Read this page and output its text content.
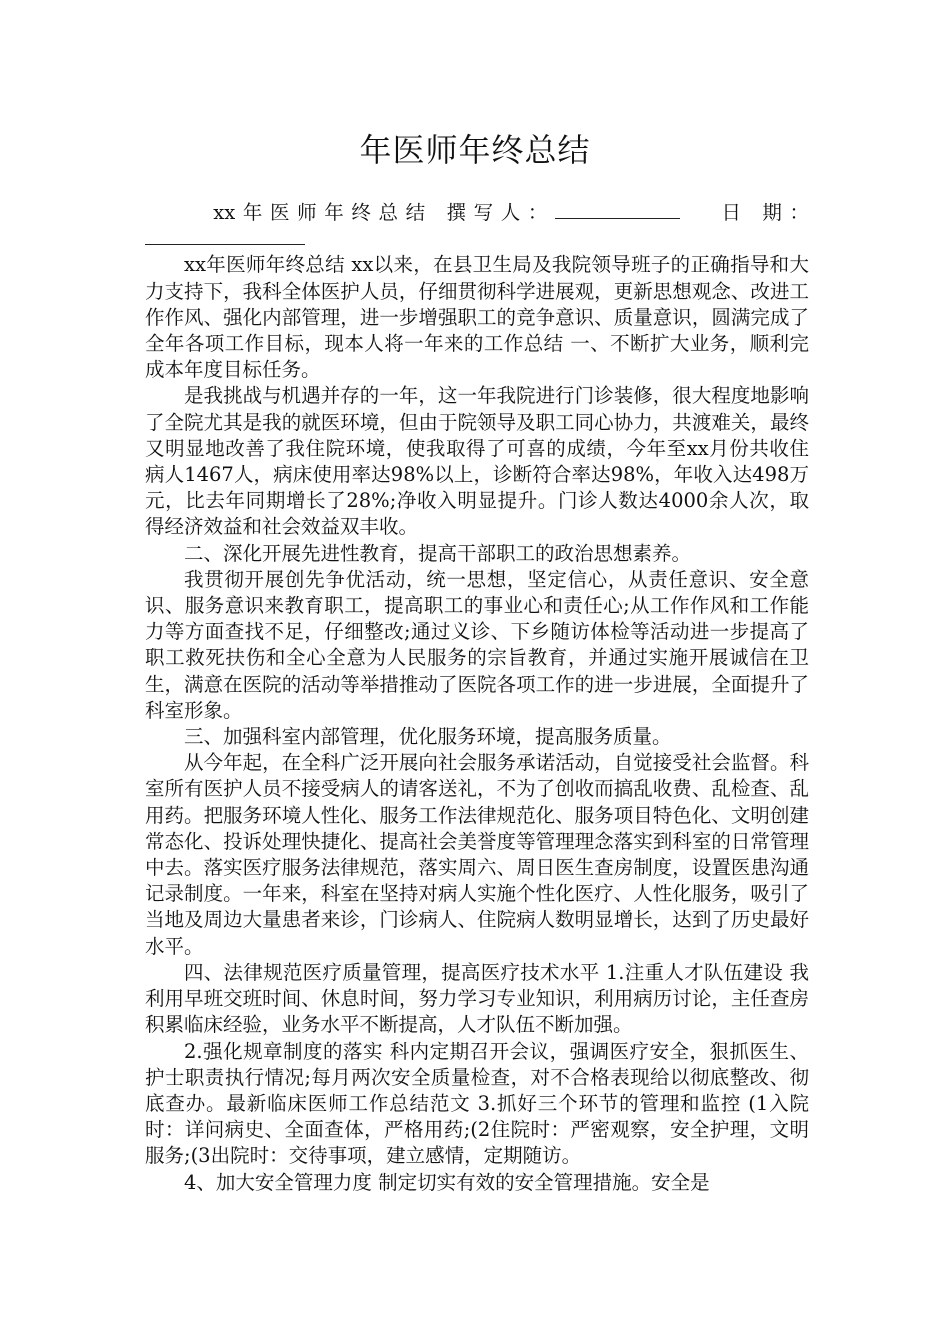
年医师年终总结

xx年医师年终总结 撰写人：	日 期：

xx年医师年终总结 xx以来，在县卫生局及我院领导班子的正确指导和大力支持下，我科全体医护人员，仔细贯彻科学进展观，更新思想观念、改进工作作风、强化内部管理，进一步增强职工的竞争意识、质量意识，圆满完成了全年各项工作目标，现本人将一年来的工作总结 一、不断扩大业务，顺利完成本年度目标任务。

是我挑战与机遇并存的一年，这一年我院进行门诊装修，很大程度地影响了全院尤其是我的就医环境，但由于院领导及职工同心协力，共渡难关，最终又明显地改善了我住院环境，使我取得了可喜的成绩，今年至xx月份共收住病人1467人，病床使用率达98%以上，诊断符合率达98%，年收入达498万元，比去年同期增长了28%;净收入明显提升。门诊人数达4000余人次，取得经济效益和社会效益双丰收。

二、深化开展先进性教育，提高干部职工的政治思想素养。

我贯彻开展创先争优活动，统一思想，坚定信心，从责任意识、安全意识、服务意识来教育职工，提高职工的事业心和责任心;从工作作风和工作能力等方面查找不足，仔细整改;通过义诊、下乡随访体检等活动进一步提高了职工救死扶伤和全心全意为人民服务的宗旨教育，并通过实施开展诚信在卫生，满意在医院的活动等举措推动了医院各项工作的进一步进展，全面提升了科室形象。

三、加强科室内部管理，优化服务环境，提高服务质量。

从今年起，在全科广泛开展向社会服务承诺活动，自觉接受社会监督。科室所有医护人员不接受病人的请客送礼，不为了创收而搞乱收费、乱检查、乱用药。把服务环境人性化、服务工作法律规范化、服务项目特色化、文明创建常态化、投诉处理快捷化、提高社会美誉度等管理理念落实到科室的日常管理中去。落实医疗服务法律规范，落实周六、周日医生查房制度，设置医患沟通记录制度。一年来，科室在坚持对病人实施个性化医疗、人性化服务，吸引了当地及周边大量患者来诊，门诊病人、住院病人数明显增长，达到了历史最好水平。

四、法律规范医疗质量管理，提高医疗技术水平 1.注重人才队伍建设 我利用早班交班时间、休息时间，努力学习专业知识，利用病历讨论，主任查房积累临床经验，业务水平不断提高，人才队伍不断加强。

2.强化规章制度的落实 科内定期召开会议，强调医疗安全，狠抓医生、护士职责执行情况;每月两次安全质量检查，对不合格表现给以彻底整改、彻底查办。最新临床医师工作总结范文 3.抓好三个环节的管理和监控 (1入院时：详问病史、全面查体，严格用药;(2住院时：严密观察，安全护理，文明服务;(3出院时：交待事项，建立感情，定期随访。

4、加大安全管理力度 制定切实有效的安全管理措施。安全是
